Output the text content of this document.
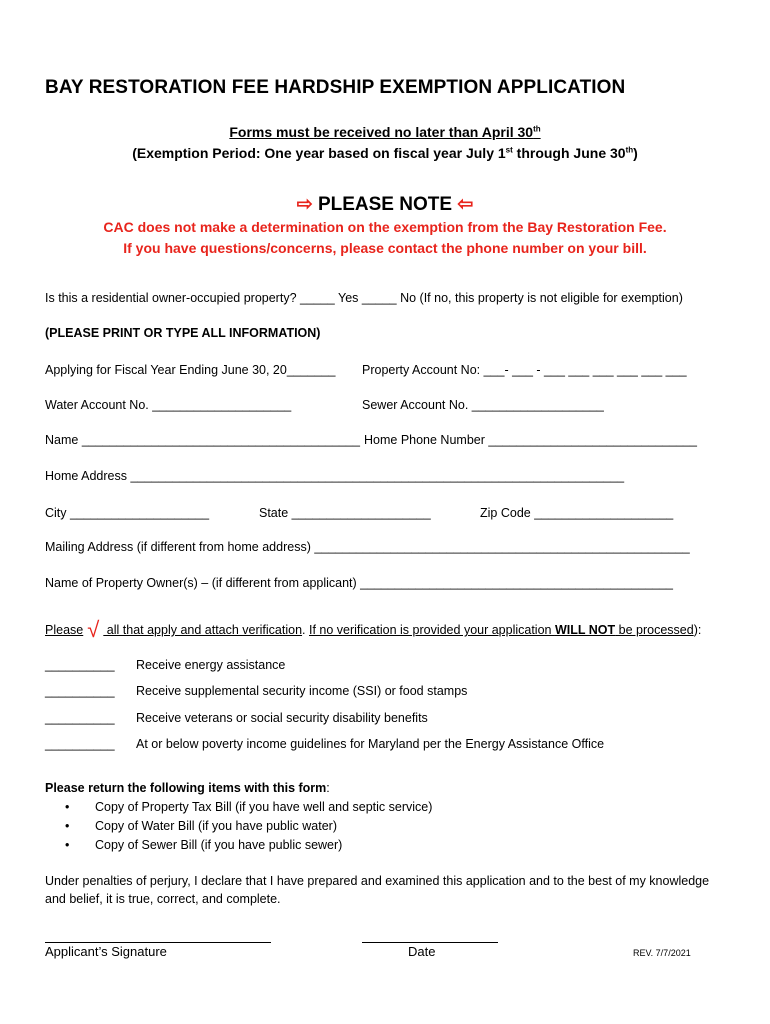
BAY RESTORATION FEE HARDSHIP EXEMPTION APPLICATION
Forms must be received no later than April 30th
(Exemption Period: One year based on fiscal year July 1st through June 30th)
⇨ PLEASE NOTE ⇦
CAC does not make a determination on the exemption from the Bay Restoration Fee.
If you have questions/concerns, please contact the phone number on your bill.
Is this a residential owner-occupied property? _____ Yes _____ No (If no, this property is not eligible for exemption)
(PLEASE PRINT OR TYPE ALL INFORMATION)
Applying for Fiscal Year Ending June 30, 20_______ Property Account No: ___- ___ - ___ ___ ___ ___ ___ ___
Water Account No. ____________________	Sewer Account No. ___________________
Name ________________________________________ Home Phone Number ______________________________
Home Address _______________________________________________________________________
City ____________________	State ____________________	Zip Code ____________________
Mailing Address (if different from home address) ______________________________________________________
Name of Property Owner(s) – (if different from applicant) _____________________________________________
Please √ all that apply and attach verification. If no verification is provided your application WILL NOT be processed):
__________ Receive energy assistance
__________ Receive supplemental security income (SSI) or food stamps
__________ Receive veterans or social security disability benefits
__________ At or below poverty income guidelines for Maryland per the Energy Assistance Office
Please return the following items with this form:
• Copy of Property Tax Bill (if you have well and septic service)
• Copy of Water Bill (if you have public water)
• Copy of Sewer Bill (if you have public sewer)
Under penalties of perjury, I declare that I have prepared and examined this application and to the best of my knowledge
and belief, it is true, correct, and complete.
Applicant’s Signature	Date	REV. 7/7/2021
